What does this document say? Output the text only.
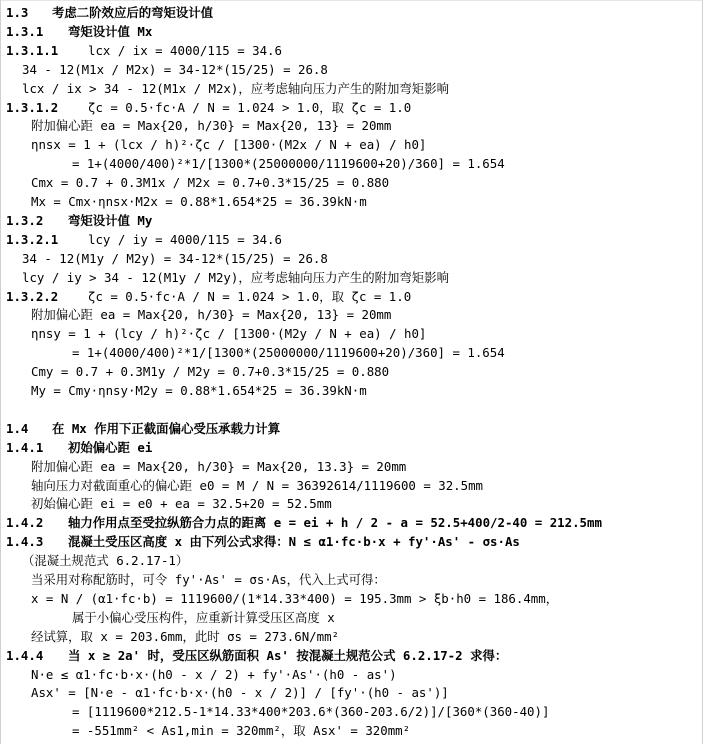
1.3 考虑二阶效应后的弯矩设计值
1.3.1 弯矩设计值 Mx
1.3.1.1 lcx / ix = 4000/115 = 34.6
34 - 12(M1x / M2x) = 34-12*(15/25) = 26.8
lcx / ix > 34 - 12(M1x / M2x)，应考虑轴向压力产生的附加弯矩影响
1.3.1.2 ζc = 0.5·fc·A / N = 1.024 > 1.0，取 ζc = 1.0
附加偏心距 ea = Max{20, h/30} = Max{20, 13} = 20mm
ηnsx = 1 + (lcx / h)²·ζc / [1300·(M2x / N + ea) / h0]
= 1+(4000/400)²*1/[1300*(25000000/1119600+20)/360] = 1.654
Cmx = 0.7 + 0.3M1x / M2x = 0.7+0.3*15/25 = 0.880
Mx = Cmx·ηnsx·M2x = 0.88*1.654*25 = 36.39kN·m
1.3.2 弯矩设计值 My
1.3.2.1 lcy / iy = 4000/115 = 34.6
34 - 12(M1y / M2y) = 34-12*(15/25) = 26.8
lcy / iy > 34 - 12(M1y / M2y)，应考虑轴向压力产生的附加弯矩影响
1.3.2.2 ζc = 0.5·fc·A / N = 1.024 > 1.0，取 ζc = 1.0
附加偏心距 ea = Max{20, h/30} = Max{20, 13} = 20mm
ηnsy = 1 + (lcy / h)²·ζc / [1300·(M2y / N + ea) / h0]
= 1+(4000/400)²*1/[1300*(25000000/1119600+20)/360] = 1.654
Cmy = 0.7 + 0.3M1y / M2y = 0.7+0.3*15/25 = 0.880
My = Cmy·ηnsy·M2y = 0.88*1.654*25 = 36.39kN·m
1.4 在 Mx 作用下正截面偏心受压承载力计算
1.4.1 初始偏心距 ei
附加偏心距 ea = Max{20, h/30} = Max{20, 13.3} = 20mm
轴向压力对截面重心的偏心距 e0 = M / N = 36392614/1119600 = 32.5mm
初始偏心距 ei = e0 + ea = 32.5+20 = 52.5mm
1.4.2 轴力作用点至受拉纵筋合力点的距离 e = ei + h / 2 - a = 52.5+400/2-40 = 212.5mm
1.4.3 混凝土受压区高度 x 由下列公式求得：N ≤ α1·fc·b·x + fy'·As' - σs·As
（混凝土规范式 6.2.17-1）
当采用对称配筋时，可令 fy'·As' = σs·As，代入上式可得：
x = N / (α1·fc·b) = 1119600/(1*14.33*400) = 195.3mm > ξb·h0 = 186.4mm，
属于小偏心受压构件，应重新计算受压区高度 x
经试算，取 x = 203.6mm，此时 σs = 273.6N/mm²
1.4.4 当 x ≥ 2a' 时，受压区纵筋面积 As' 按混凝土规范公式 6.2.17-2 求得：
N·e ≤ α1·fc·b·x·(h0 - x / 2) + fy'·As'·(h0 - as')
Asx' = [N·e - α1·fc·b·x·(h0 - x / 2)] / [fy'·(h0 - as')]
= [1119600*212.5-1*14.33*400*203.6*(360-203.6/2)]/[360*(360-40)]
= -551mm² < As1,min = 320mm²，取 Asx' = 320mm²
